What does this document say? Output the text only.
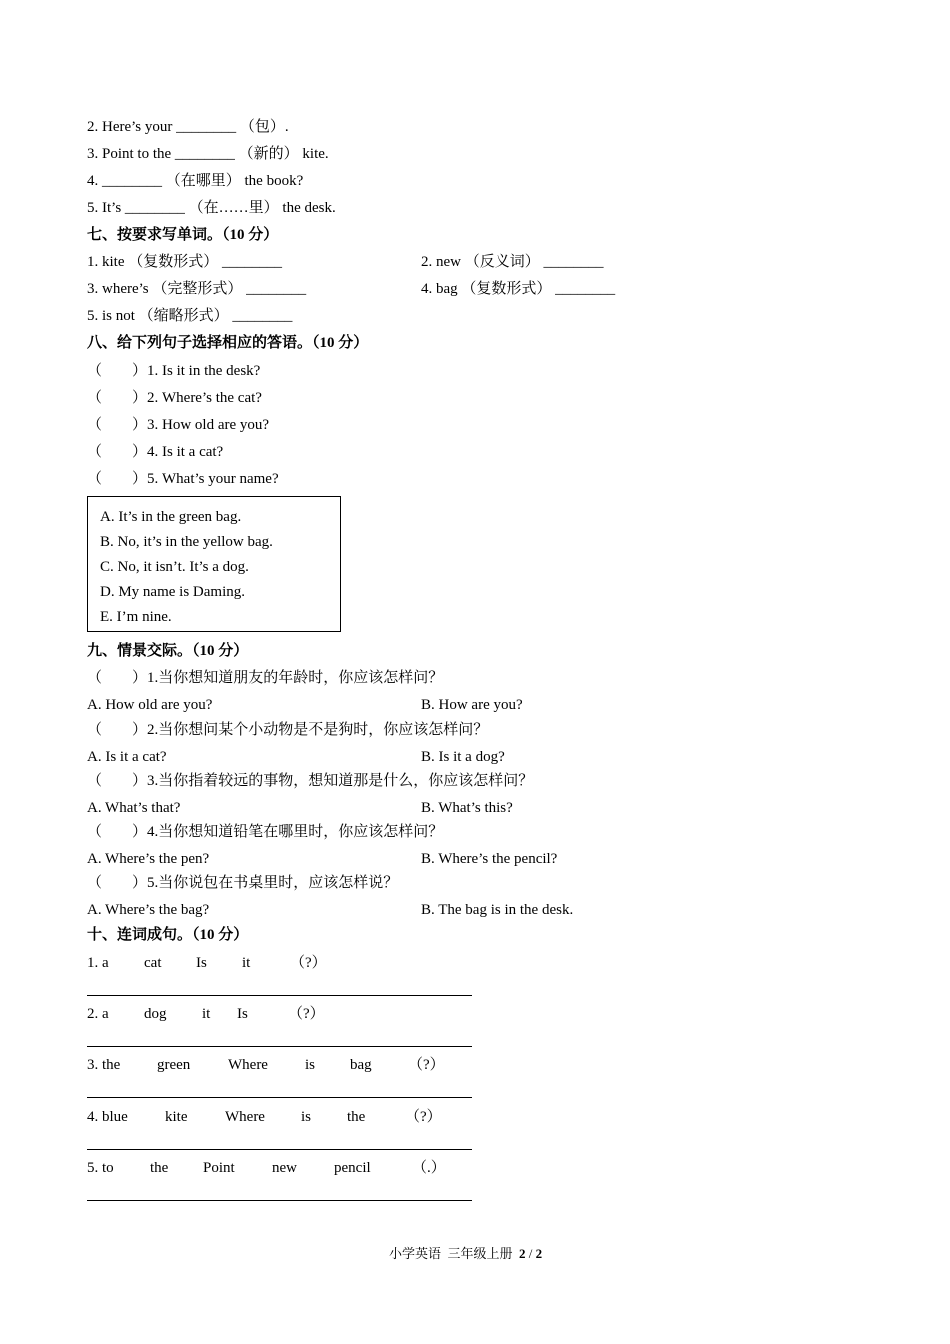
2. Here’s your ________ （包）.
3. Point to the ________ （新的） kite.
4. ________ （在哪里） the book?
5. It’s ________ （在……里） the desk.
七、按要求写单词。（10 分）
1. kite （复数形式） ________	2. new （反义词） ________
3. where’s （完整形式） ________	4. bag （复数形式） ________
5. is not （缩略形式） ________
八、给下列句子选择相应的答语。（10 分）
（　　）1. Is it in the desk?
（　　）2. Where’s the cat?
（　　）3. How old are you?
（　　）4. Is it a cat?
（　　）5. What’s your name?
A. It’s in the green bag.
B. No, it’s in the yellow bag.
C. No, it isn’t. It’s a dog.
D. My name is Daming.
E. I’m nine.
九、情景交际。（10 分）
（　　）1.当你想知道朋友的年龄时，你应该怎样问？
A. How old are you?	B. How are you?
（　　）2.当你想问某个小动物是不是狗时，你应该怎样问？
A. Is it a cat?	B. Is it a dog?
（　　）3.当你指着较远的事物，想知道那是什么，你应该怎样问？
A. What’s that?	B. What’s this?
（　　）4.当你想知道铅笔在哪里时，你应该怎样问？
A. Where’s the pen?	B. Where’s the pencil?
（　　）5.当你说包在书桌里时，应该怎样说？
A. Where’s the bag?	B. The bag is in the desk.
十、连词成句。（10 分）
1. a cat Is it	（?）
2. a dog it Is	（?）
3. the green	Where is bag （?）
4. blue kite	Where is the	（?）
5. to the Point new pencil	（.）
小学英语  三年级上册  2 / 2
